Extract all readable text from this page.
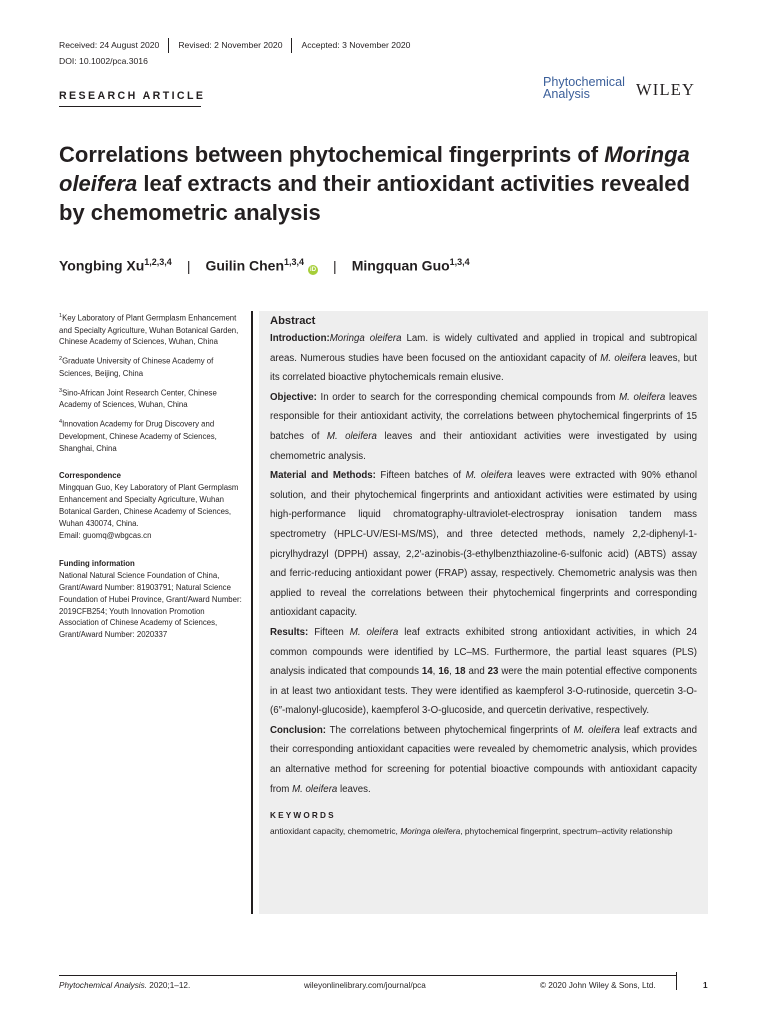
Received: 24 August 2020 Revised: 2 November 2020 Accepted: 3 November 2020
DOI: 10.1002/pca.3016
RESEARCH ARTICLE
Phytochemical
Analysis	WILEY
Correlations between phytochemical fingerprints of Moringa oleifera leaf extracts and their antioxidant activities revealed by chemometric analysis
Yongbing Xu$^{1,2,3,4}$ | Guilin Chen$^{1,3,4}$iD | Mingquan Guo$^{1,3,4}$
$^1$Key Laboratory of Plant Germplasm Enhancement and Specialty Agriculture, Wuhan Botanical Garden, Chinese Academy of Sciences, Wuhan, China
$^2$Graduate University of Chinese Academy of Sciences, Beijing, China
$^3$Sino-African Joint Research Center, Chinese Academy of Sciences, Wuhan, China
$^4$Innovation Academy for Drug Discovery and Development, Chinese Academy of Sciences, Shanghai, China
Correspondence
Mingquan Guo, Key Laboratory of Plant Germplasm Enhancement and Specialty Agriculture, Wuhan Botanical Garden, Chinese Academy of Sciences, Wuhan 430074, China.
Email: guomq@wbgcas.cn
Funding information
National Natural Science Foundation of China, Grant/Award Number: 81903791; Natural Science Foundation of Hubei Province, Grant/Award Number: 2019CFB254; Youth Innovation Promotion Association of Chinese Academy of Sciences, Grant/Award Number: 2020337
Abstract

Introduction:Moringa oleifera Lam. is widely cultivated and applied in tropical and subtropical areas. Numerous studies have been focused on the antioxidant capacity of M. oleifera leaves, but its correlated bioactive phytochemicals remain elusive.

Objective: In order to search for the corresponding chemical compounds from M. oleifera leaves responsible for their antioxidant activity, the correlations between phytochemical fingerprints of 15 batches of M. oleifera leaves and their antioxidant activities were investigated by using chemometric analysis.

Material and Methods: Fifteen batches of M. oleifera leaves were extracted with 90% ethanol solution, and their phytochemical fingerprints and antioxidant activities were estimated by using high-performance liquid chromatography-ultraviolet-electrospray ionisation tandem mass spectrometry (HPLC-UV/ESI-MS/MS), and three detected methods, namely 2,2-diphenyl-1-picrylhydrazyl (DPPH) assay, 2,2′-azinobis-(3-ethylbenzthiazoline-6-sulfonic acid) (ABTS) assay and ferric-reducing antioxidant power (FRAP) assay, respectively. Chemometric analysis was then applied to reveal the correlations between their phytochemical fingerprints and corresponding antioxidant capacity.

Results: Fifteen M. oleifera leaf extracts exhibited strong antioxidant activities, in which 24 common compounds were identified by LC–MS. Furthermore, the partial least squares (PLS) analysis indicated that compounds 14, 16, 18 and 23 were the main potential effective components in at least two antioxidant tests. They were identified as kaempferol 3-O-rutinoside, quercetin 3-O-(6″-malonyl-glucoside), kaempferol 3-O-glucoside, and quercetin derivative, respectively.

Conclusion: The correlations between phytochemical fingerprints of M. oleifera leaf extracts and their corresponding antioxidant capacities were revealed by chemometric analysis, which provides an alternative method for screening for potential bioactive compounds with antioxidant capacity from M. oleifera leaves.

KEYWORDS
antioxidant capacity, chemometric, Moringa oleifera, phytochemical fingerprint, spectrum–activity relationship
Phytochemical Analysis. 2020;1–12.	wileyonlinelibrary.com/journal/pca	© 2020 John Wiley & Sons, Ltd.	1
